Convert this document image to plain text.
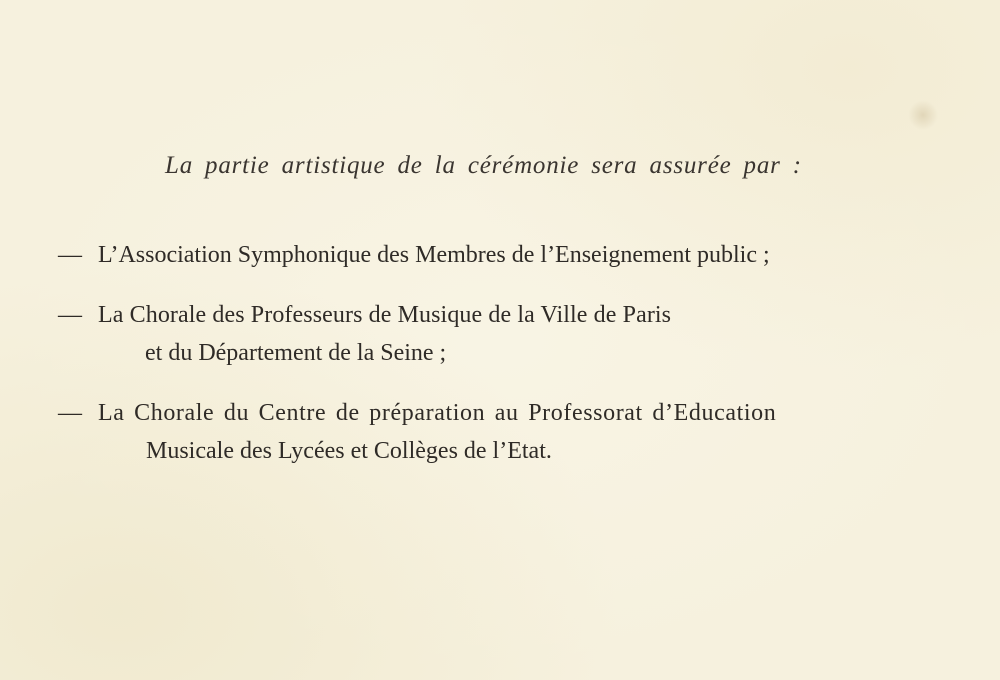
La partie artistique de la cérémonie sera assurée par :
— L’Association Symphonique des Membres de l’Enseignement public ;
— La Chorale des Professeurs de Musique de la Ville de Paris
et du Département de la Seine ;
— La Chorale du Centre de préparation au Professorat d’Education
Musicale des Lycées et Collèges de l’Etat.
